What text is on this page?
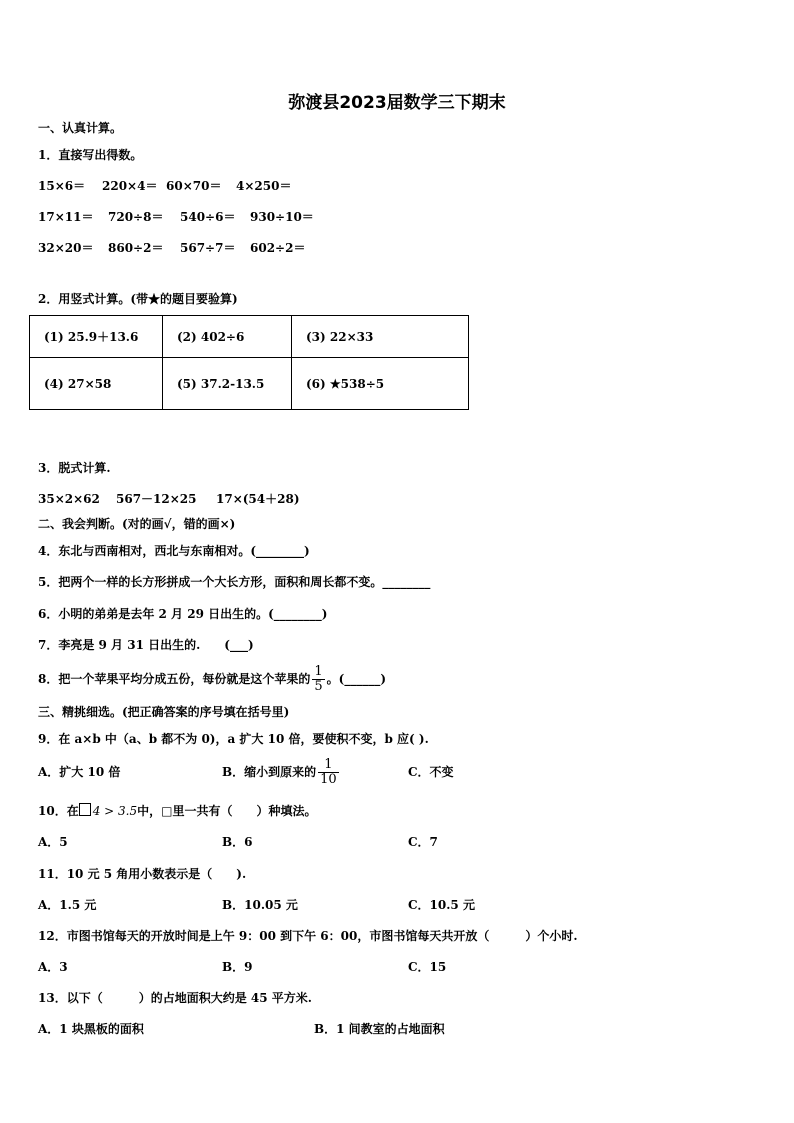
弥渡县2023届数学三下期末
一、认真计算。
1．直接写出得数。
15×6＝ 220×4＝ 60×70＝ 4×250＝
17×11＝ 720÷8＝ 540÷6＝ 930÷10＝
32×20＝ 860÷2＝ 567÷7＝ 602÷2＝
2．用竖式计算。(带★的题目要验算)
(1) 25.9＋13.6	(2) 402÷6	(3) 22×33
(4) 27×58	(5) 37.2-13.5	(6) ★538÷5
3．脱式计算.
35×2×62 567－12×25 17×(54＋28)
二、我会判断。(对的画√，错的画×)
4．东北与西南相对，西北与东南相对。(________)
5．把两个一样的长方形拼成一个大长方形，面积和周长都不变。________
6．小明的弟弟是去年 2 月 29 日出生的。(________)
7．李亮是 9 月 31 日出生的.　　(___)
8．把一个苹果平均分成五份，每份就是这个苹果的 $\frac{1}{5}$ 。(______)
三、精挑细选。(把正确答案的序号填在括号里)
9．在 a×b 中（a、b 都不为 0)，a 扩大 10 倍，要使积不变，b 应( ).
A．扩大 10 倍	B．缩小到原来的 $\frac{1}{10}$	C．不变
10．在 4 > 3.5中，□里一共有（　　）种填法。
A．5	B．6	C．7
11．10 元 5 角用小数表示是（　　).
A．1.5 元	B．10.05 元	C．10.5 元
12．市图书馆每天的开放时间是上午 9：00 到下午 6：00，市图书馆每天共开放（　　　）个小时.
A．3	B．9	C．15
13．以下（　　　）的占地面积大约是 45 平方米.
A．1 块黑板的面积	B．1 间教室的占地面积
